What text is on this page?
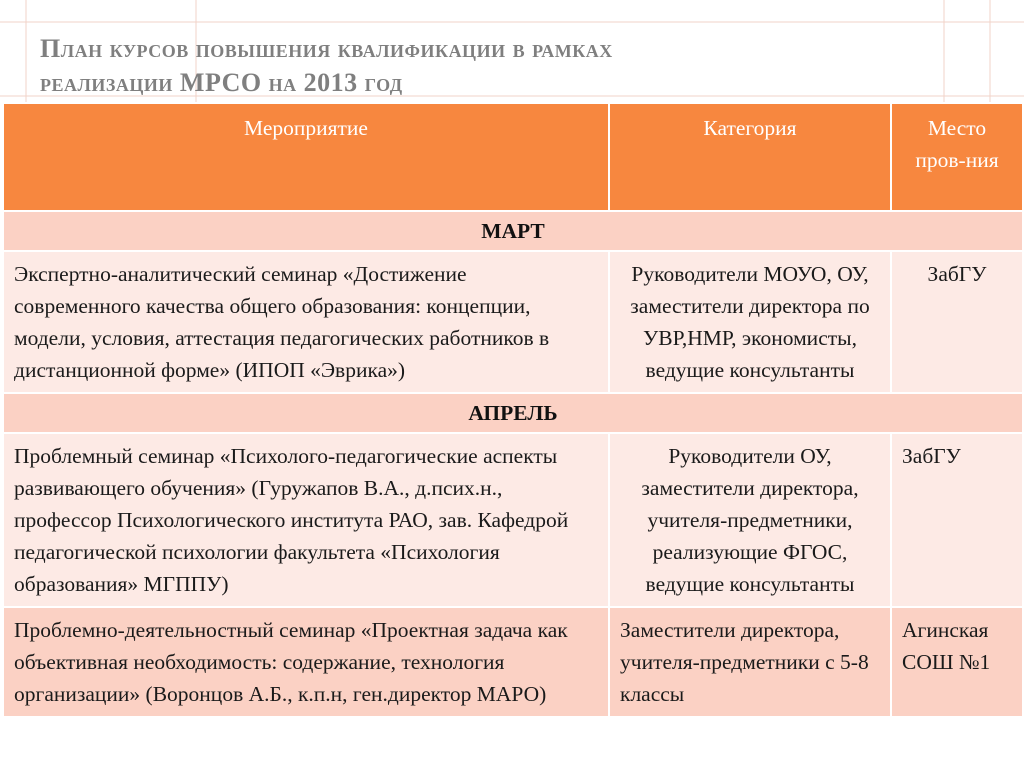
План курсов повышения квалификации в рамках
реализации МРСО на 2013 год
Мероприятие	Категория	Место пров-ния
МАРТ		
Экспертно-аналитический семинар «Достижение современного качества общего образования: концепции, модели, условия, аттестация педагогических работников в дистанционной форме» (ИПОП «Эврика»)	Руководители МОУО, ОУ, заместители директора по УВР,НМР, экономисты, ведущие консультанты	ЗабГУ
АПРЕЛЬ		
Проблемный семинар «Психолого-педагогические аспекты развивающего обучения» (Гуружапов В.А., д.псих.н., профессор Психологического института РАО, зав. Кафедрой педагогической психологии факультета «Психология образования» МГППУ)	Руководители ОУ, заместители директора, учителя-предметники, реализующие ФГОС, ведущие консультанты	ЗабГУ
Проблемно-деятельностный семинар «Проектная задача как объективная необходимость: содержание, технология организации» (Воронцов А.Б., к.п.н, ген.директор МАРО)	Заместители директора, учителя-предметники с 5-8 классы	Агинская СОШ №1
